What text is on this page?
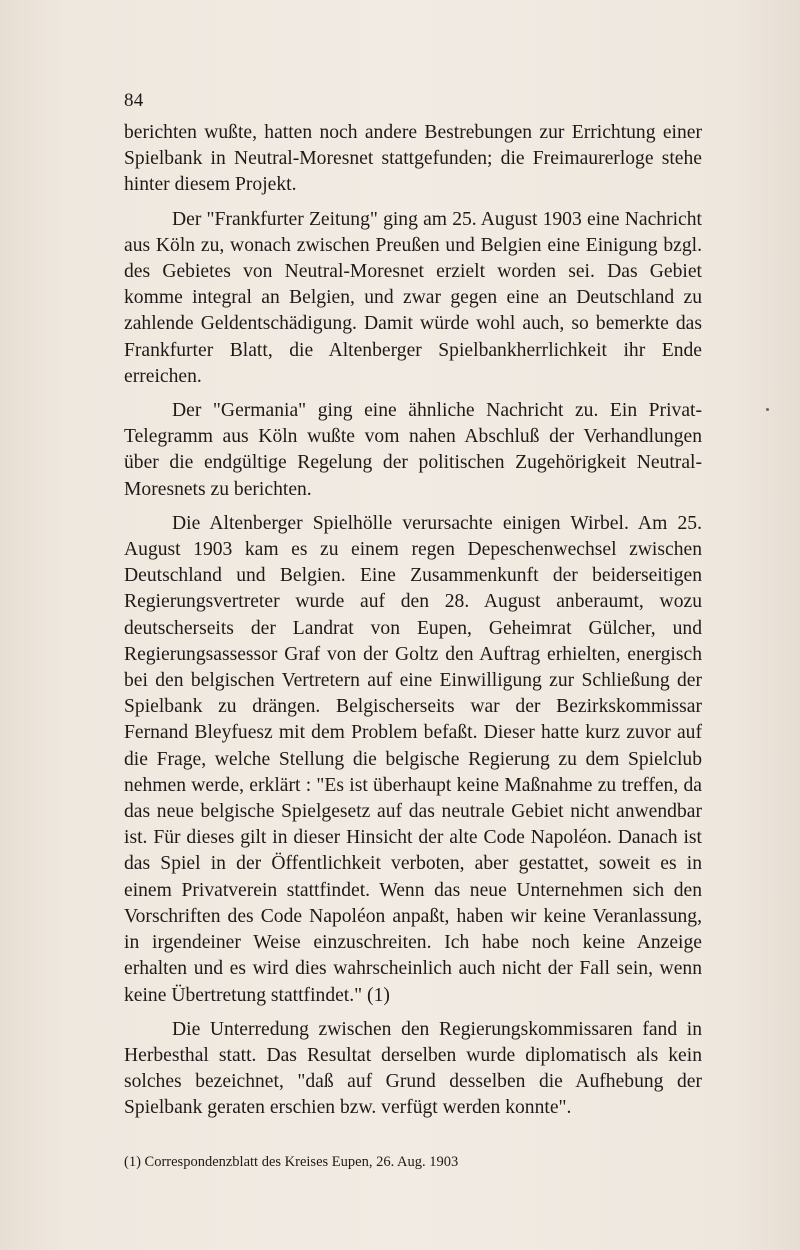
84

berichten wußte, hatten noch andere Bestrebungen zur Errichtung einer Spielbank in Neutral-Moresnet stattgefunden; die Freimaurerloge stehe hinter diesem Projekt.

Der "Frankfurter Zeitung" ging am 25. August 1903 eine Nachricht aus Köln zu, wonach zwischen Preußen und Belgien eine Einigung bzgl. des Gebietes von Neutral-Moresnet erzielt worden sei. Das Gebiet komme integral an Belgien, und zwar gegen eine an Deutschland zu zahlende Geldentschädigung. Damit würde wohl auch, so bemerkte das Frankfurter Blatt, die Altenberger Spielbankherrlichkeit ihr Ende erreichen.

Der "Germania" ging eine ähnliche Nachricht zu. Ein Privat-Telegramm aus Köln wußte vom nahen Abschluß der Verhandlungen über die endgültige Regelung der politischen Zugehörigkeit Neutral-Moresnets zu berichten.

Die Altenberger Spielhölle verursachte einigen Wirbel. Am 25. August 1903 kam es zu einem regen Depeschenwechsel zwischen Deutschland und Belgien. Eine Zusammenkunft der beiderseitigen Regierungsvertreter wurde auf den 28. August anberaumt, wozu deutscherseits der Landrat von Eupen, Geheimrat Gülcher, und Regierungsassessor Graf von der Goltz den Auftrag erhielten, energisch bei den belgischen Vertretern auf eine Einwilligung zur Schließung der Spielbank zu drängen. Belgischerseits war der Bezirkskommissar Fernand Bleyfuesz mit dem Problem befaßt. Dieser hatte kurz zuvor auf die Frage, welche Stellung die belgische Regierung zu dem Spielclub nehmen werde, erklärt : "Es ist überhaupt keine Maßnahme zu treffen, da das neue belgische Spielgesetz auf das neutrale Gebiet nicht anwendbar ist. Für dieses gilt in dieser Hinsicht der alte Code Napoléon. Danach ist das Spiel in der Öffentlichkeit verboten, aber gestattet, soweit es in einem Privatverein stattfindet. Wenn das neue Unternehmen sich den Vorschriften des Code Napoléon anpaßt, haben wir keine Veranlassung, in irgendeiner Weise einzuschreiten. Ich habe noch keine Anzeige erhalten und es wird dies wahrscheinlich auch nicht der Fall sein, wenn keine Übertretung stattfindet." (1)

Die Unterredung zwischen den Regierungskommissaren fand in Herbesthal statt. Das Resultat derselben wurde diplomatisch als kein solches bezeichnet, "daß auf Grund desselben die Aufhebung der Spielbank geraten erschien bzw. verfügt werden konnte".

(1) Correspondenzblatt des Kreises Eupen, 26. Aug. 1903
